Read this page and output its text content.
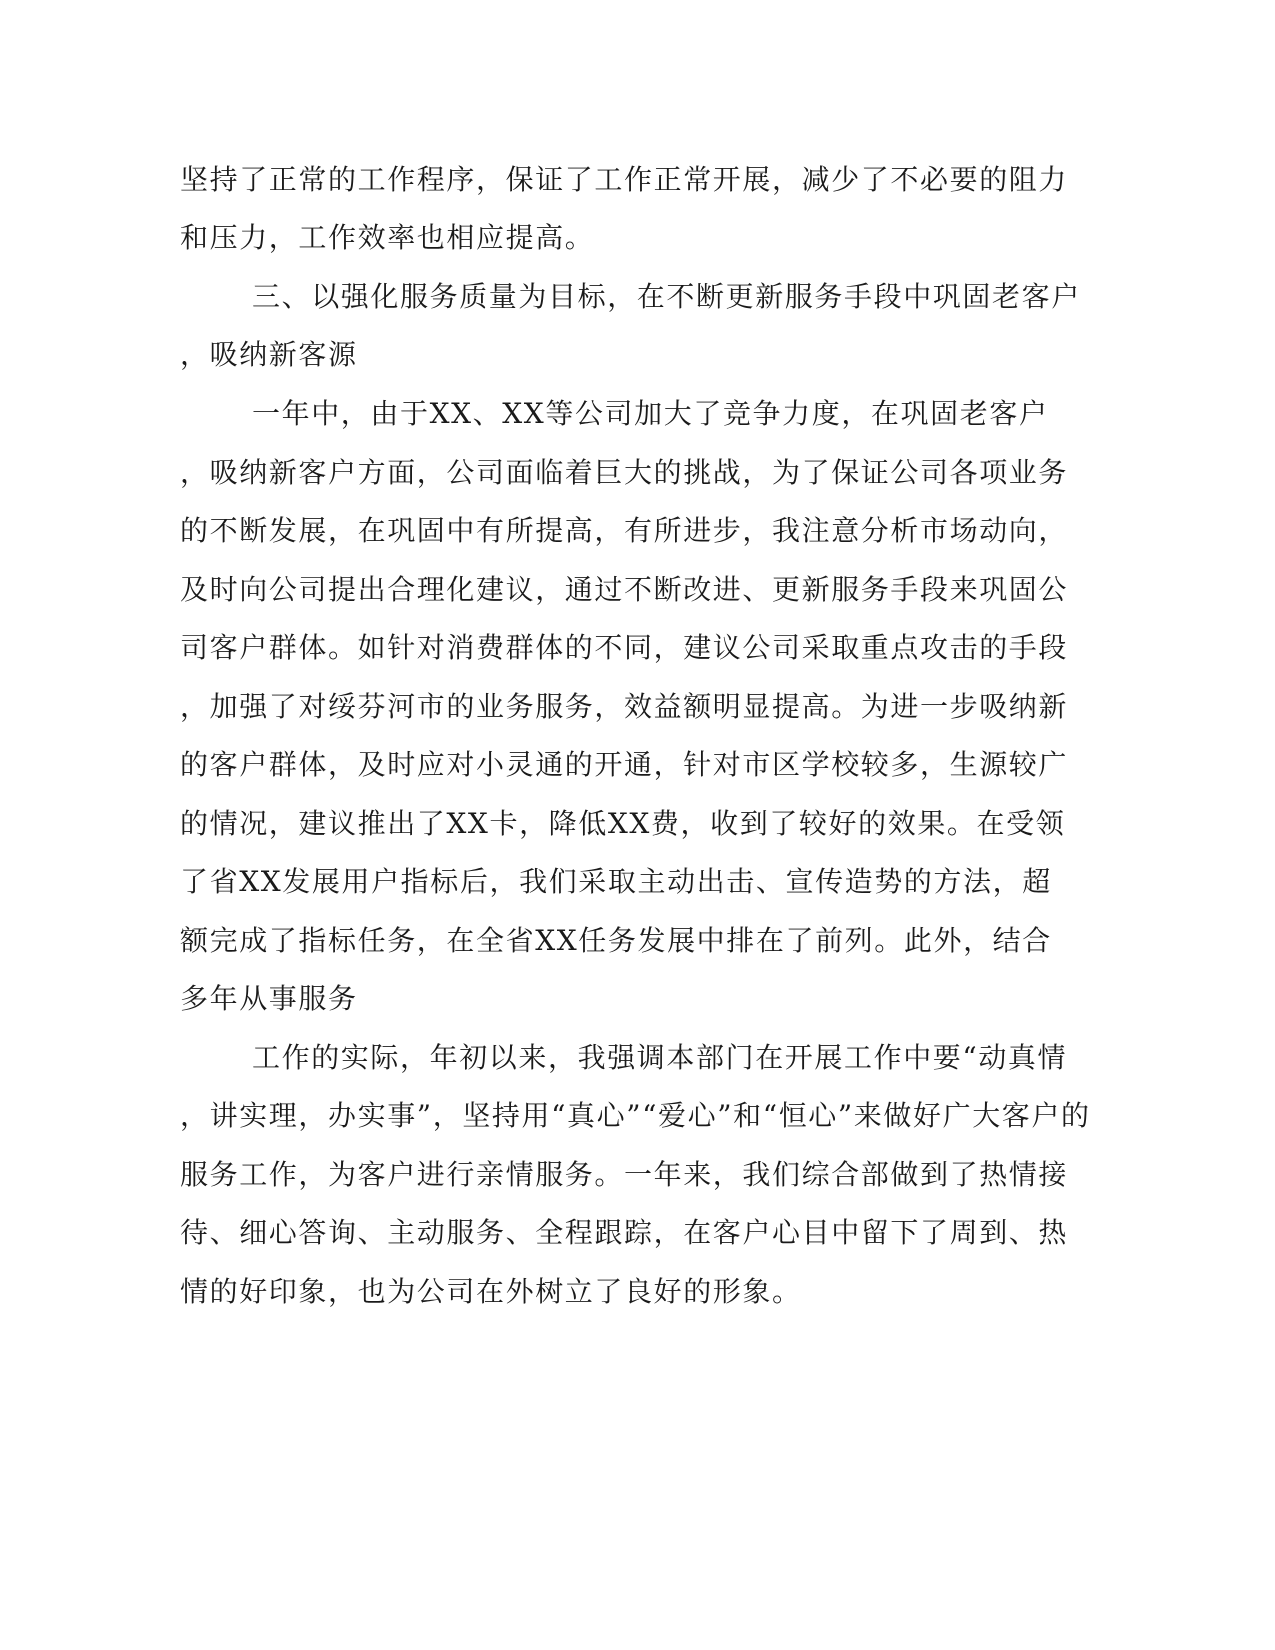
坚持了正常的工作程序，保证了工作正常开展，减少了不必要的阻力
和压力，工作效率也相应提高。
三、以强化服务质量为目标，在不断更新服务手段中巩固老客户
，吸纳新客源
一年中，由于XX、XX等公司加大了竞争力度，在巩固老客户
，吸纳新客户方面，公司面临着巨大的挑战，为了保证公司各项业务
的不断发展，在巩固中有所提高，有所进步，我注意分析市场动向，
及时向公司提出合理化建议，通过不断改进、更新服务手段来巩固公
司客户群体。如针对消费群体的不同，建议公司采取重点攻击的手段
，加强了对绥芬河市的业务服务，效益额明显提高。为进一步吸纳新
的客户群体，及时应对小灵通的开通，针对市区学校较多，生源较广
的情况，建议推出了XX卡，降低XX费，收到了较好的效果。在受领
了省XX发展用户指标后，我们采取主动出击、宣传造势的方法，超
额完成了指标任务，在全省XX任务发展中排在了前列。此外，结合
多年从事服务
工作的实际，年初以来，我强调本部门在开展工作中要“动真情
，讲实理，办实事”，坚持用“真心”“爱心”和“恒心”来做好广大客户的
服务工作，为客户进行亲情服务。一年来，我们综合部做到了热情接
待、细心答询、主动服务、全程跟踪，在客户心目中留下了周到、热
情的好印象，也为公司在外树立了良好的形象。
